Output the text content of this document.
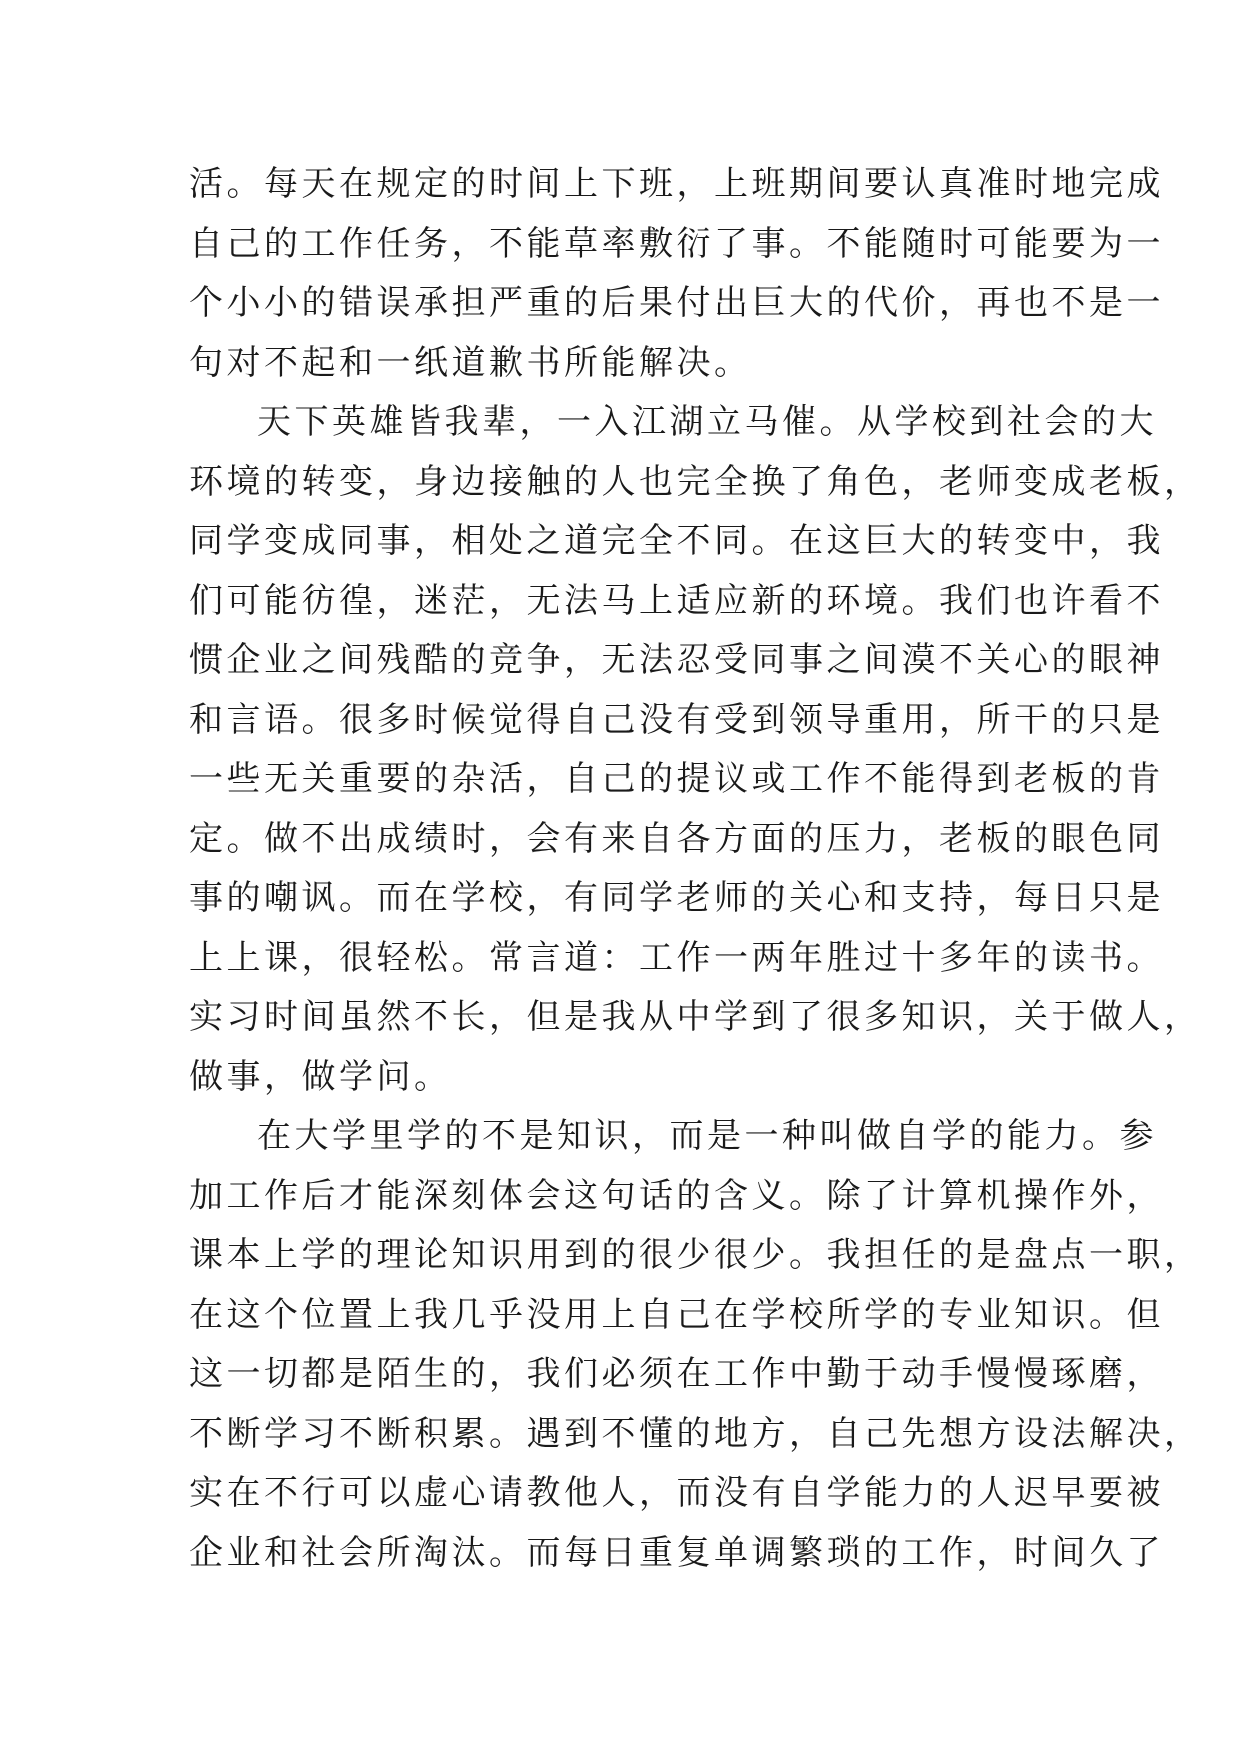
活。每天在规定的时间上下班，上班期间要认真准时地完成
自己的工作任务，不能草率敷衍了事。不能随时可能要为一
个小小的错误承担严重的后果付出巨大的代价，再也不是一
句对不起和一纸道歉书所能解决。
天下英雄皆我辈，一入江湖立马催。从学校到社会的大
环境的转变，身边接触的人也完全换了角色，老师变成老板，
同学变成同事，相处之道完全不同。在这巨大的转变中，我
们可能彷徨，迷茫，无法马上适应新的环境。我们也许看不
惯企业之间残酷的竞争，无法忍受同事之间漠不关心的眼神
和言语。很多时候觉得自己没有受到领导重用，所干的只是
一些无关重要的杂活，自己的提议或工作不能得到老板的肯
定。做不出成绩时，会有来自各方面的压力，老板的眼色同
事的嘲讽。而在学校，有同学老师的关心和支持，每日只是
上上课，很轻松。常言道：工作一两年胜过十多年的读书。
实习时间虽然不长，但是我从中学到了很多知识，关于做人，
做事，做学问。
在大学里学的不是知识，而是一种叫做自学的能力。参
加工作后才能深刻体会这句话的含义。除了计算机操作外，
课本上学的理论知识用到的很少很少。我担任的是盘点一职，
在这个位置上我几乎没用上自己在学校所学的专业知识。但
这一切都是陌生的，我们必须在工作中勤于动手慢慢琢磨，
不断学习不断积累。遇到不懂的地方，自己先想方设法解决，
实在不行可以虚心请教他人，而没有自学能力的人迟早要被
企业和社会所淘汰。而每日重复单调繁琐的工作，时间久了
